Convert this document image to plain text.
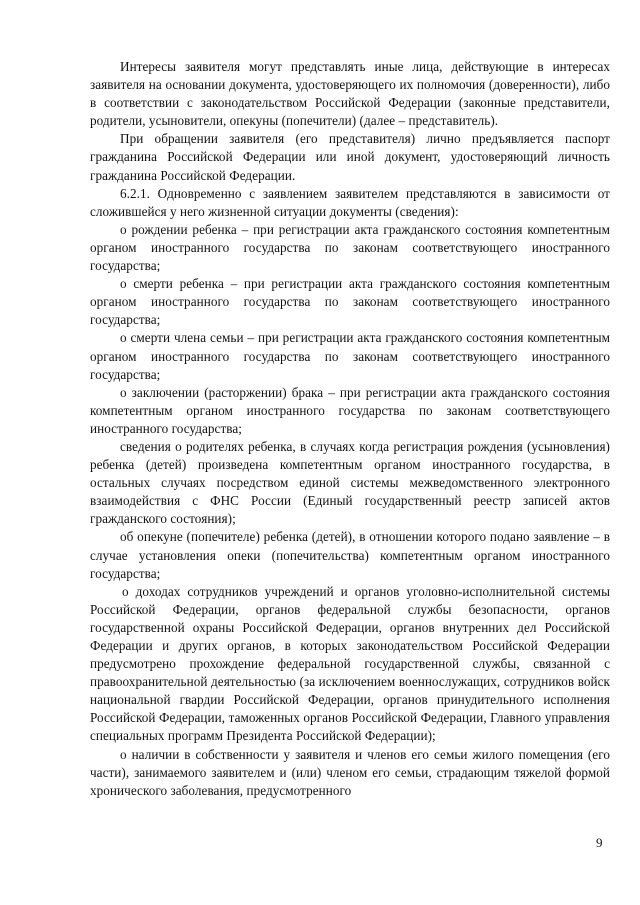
Интересы заявителя могут представлять иные лица, действующие в интересах заявителя на основании документа, удостоверяющего их полномочия (доверенности), либо в соответствии с законодательством Российской Федерации (законные представители, родители, усыновители, опекуны (попечители) (далее – представитель).

При обращении заявителя (его представителя) лично предъявляется паспорт гражданина Российской Федерации или иной документ, удостоверяющий личность гражданина Российской Федерации.

6.2.1. Одновременно с заявлением заявителем представляются в зависимости от сложившейся у него жизненной ситуации документы (сведения):

о рождении ребенка – при регистрации акта гражданского состояния компетентным органом иностранного государства по законам соответствующего иностранного государства;

о смерти ребенка – при регистрации акта гражданского состояния компетентным органом иностранного государства по законам соответствующего иностранного государства;

о смерти члена семьи – при регистрации акта гражданского состояния компетентным органом иностранного государства по законам соответствующего иностранного государства;

о заключении (расторжении) брака – при регистрации акта гражданского состояния компетентным органом иностранного государства по законам соответствующего иностранного государства;

сведения о родителях ребенка, в случаях когда регистрация рождения (усыновления) ребенка (детей) произведена компетентным органом иностранного государства, в остальных случаях посредством единой системы межведомственного электронного взаимодействия с ФНС России (Единый государственный реестр записей актов гражданского состояния);

об опекуне (попечителе) ребенка (детей), в отношении которого подано заявление – в случае установления опеки (попечительства) компетентным органом иностранного государства;

о доходах сотрудников учреждений и органов уголовно-исполнительной системы Российской Федерации, органов федеральной службы безопасности, органов государственной охраны Российской Федерации, органов внутренних дел Российской Федерации и других органов, в которых законодательством Российской Федерации предусмотрено прохождение федеральной государственной службы, связанной с правоохранительной деятельностью (за исключением военнослужащих, сотрудников войск национальной гвардии Российской Федерации, органов принудительного исполнения Российской Федерации, таможенных органов Российской Федерации, Главного управления специальных программ Президента Российской Федерации);

о наличии в собственности у заявителя и членов его семьи жилого помещения (его части), занимаемого заявителем и (или) членом его семьи, страдающим тяжелой формой хронического заболевания, предусмотренного

9
